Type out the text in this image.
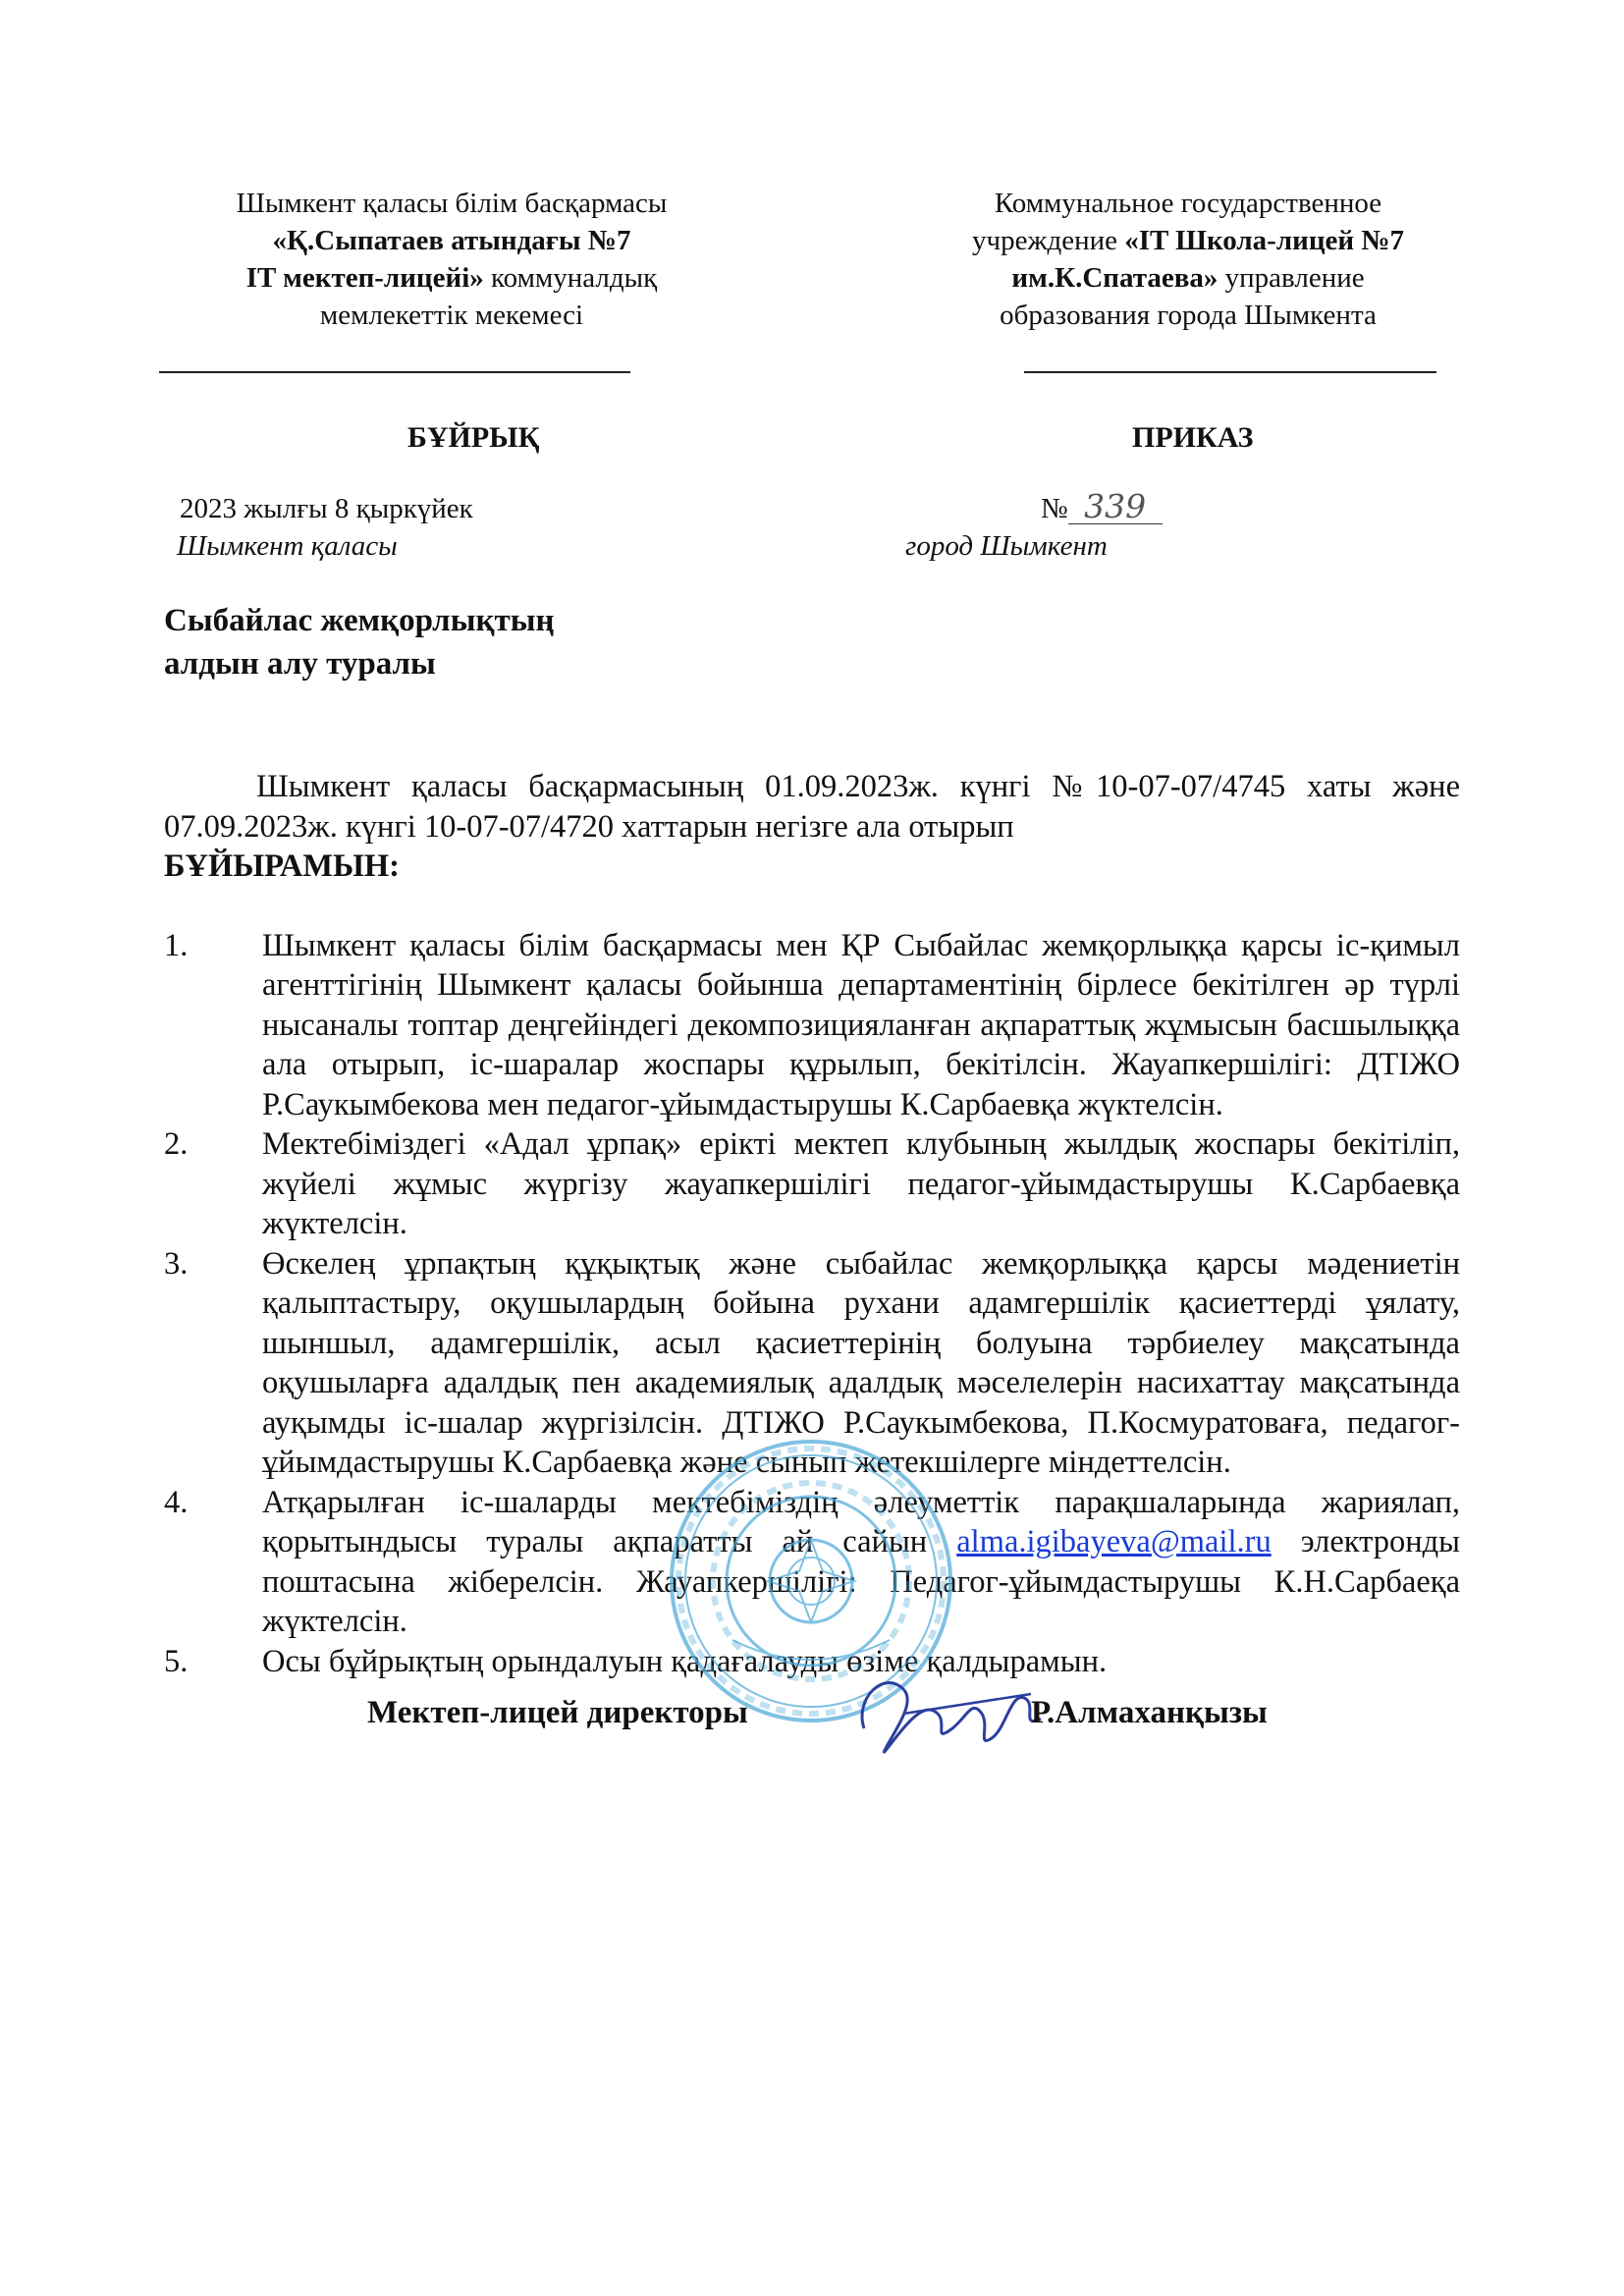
Шымкент қаласы білім басқармасы
«Қ.Сыпатаев атындағы №7
IT мектеп-лицейі» коммуналдық
мемлекеттік мекемесі
Коммунальное государственное
учреждение «IT Школа-лицей №7
им.К.Спатаева» управление
образования города Шымкента
БҰЙРЫҚ	ПРИКАЗ
2023 жылғы 8 қыркүйек
Шымкент қаласы
№ 339
город Шымкент
Сыбайлас жемқорлықтың
алдын алу туралы

Шымкент қаласы басқармасының 01.09.2023ж. күнгі №10-07-07/4745 хаты және 07.09.2023ж. күнгі 10-07-07/4720 хаттарын негізге ала отырып

БҰЙЫРАМЫН:
1.	Шымкент қаласы білім басқармасы мен ҚР Сыбайлас жемқорлыққа қарсы іс-қимыл агенттігінің Шымкент қаласы бойынша департаментінің бірлесе бекітілген әр түрлі нысаналы топтар деңгейіндегі декомпозицияланған ақпараттық жұмысын басшылыққа ала отырып, іс-шаралар жоспары құрылып, бекітілсін. Жауапкершілігі: ДТІЖО Р.Саукымбекова мен педагог-ұйымдастырушы К.Сарбаевқа жүктелсін.
2.	Мектебіміздегі «Адал ұрпақ» ерікті мектеп клубының жылдық жоспары бекітіліп, жүйелі жұмыс жүргізу жауапкершілігі педагог-ұйымдастырушы К.Сарбаевқа жүктелсін.
3.	Өскелең ұрпақтың құқықтық және сыбайлас жемқорлыққа қарсы мәдениетін қалыптастыру, оқушылардың бойына рухани адамгершілік қасиеттерді ұялату, шыншыл, адамгершілік, асыл қасиеттерінің болуына тәрбиелеу мақсатында оқушыларға адалдық пен академиялық адалдық мәселелерін насихаттау мақсатында ауқымды іс-шалар жүргізілсін. ДТІЖО Р.Саукымбекова, П.Космуратоваға, педагог-ұйымдастырушы К.Сарбаевқа және сынып жетекшілерге міндеттелсін.
4.	Атқарылған іс-шаларды мектебіміздің әлеуметтік парақшаларында жариялап, қорытындысы туралы ақпаратты ай сайын alma.igibayeva@mail.ru электронды поштасына жіберелсін. Жауапкершілігі: Педагог-ұйымдастырушы К.Н.Сарбаеқа жүктелсін.
5.	Осы бұйрықтың орындалуын қадағалауды өзіме қалдырамын.
Мектеп-лицей директоры	Р.Алмаханқызы
